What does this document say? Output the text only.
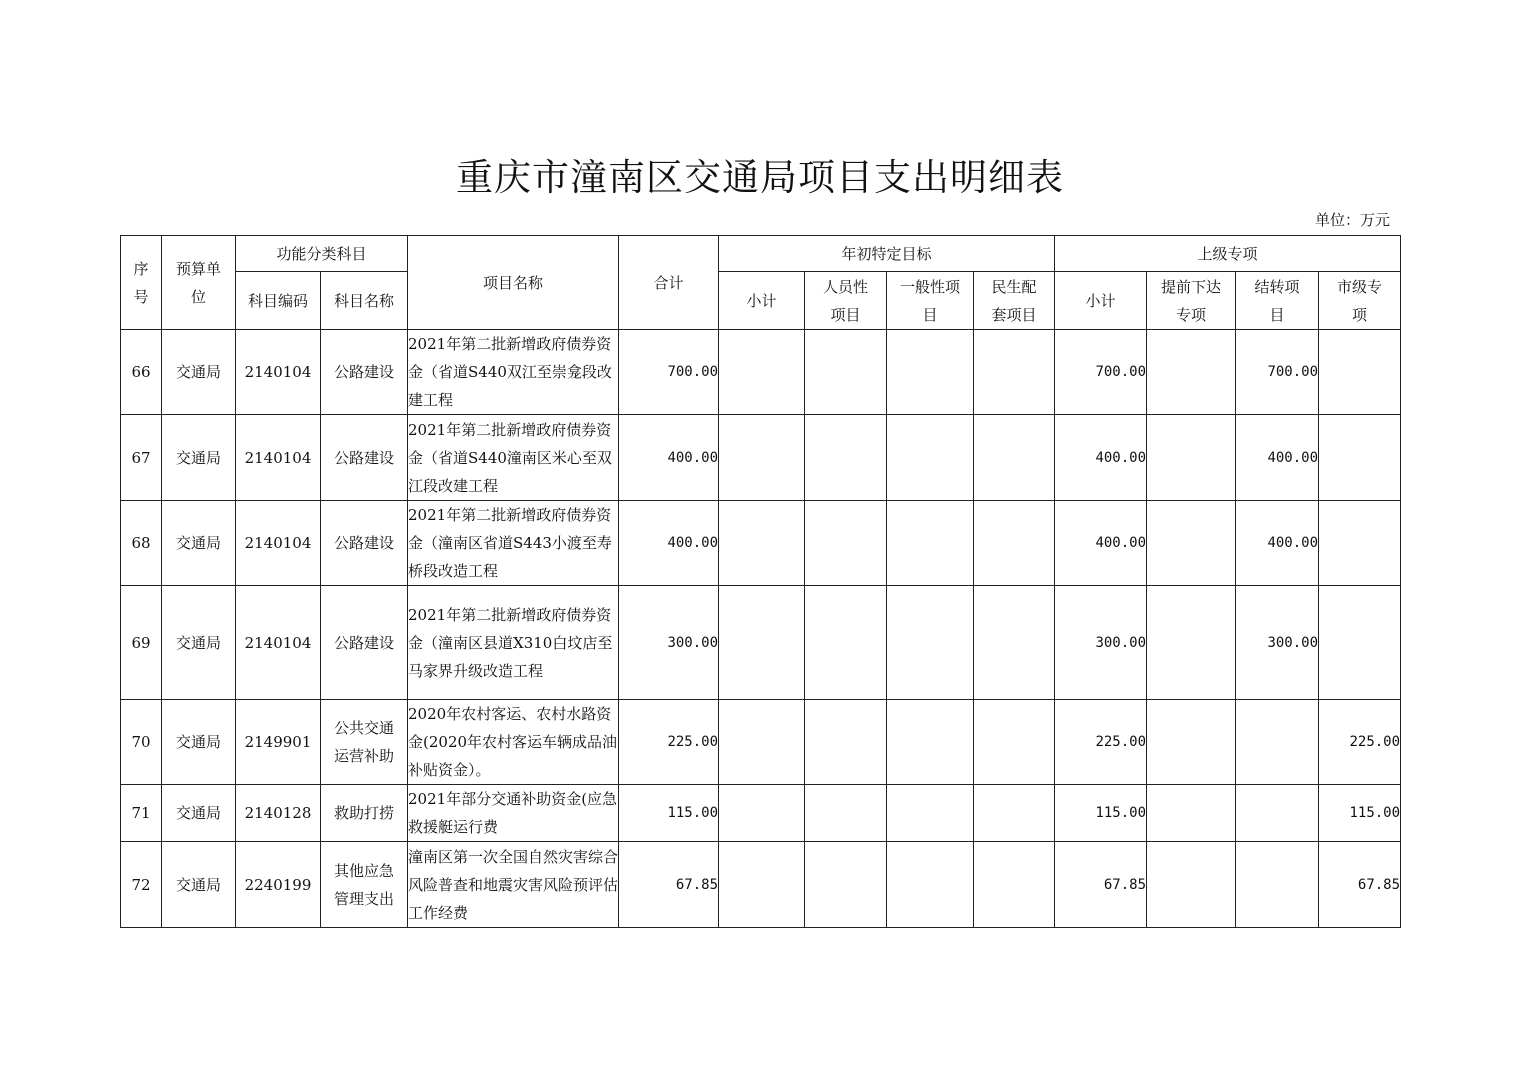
重庆市潼南区交通局项目支出明细表
单位：万元
序号	预算单位	功能分类科目		项目名称	合计	年初特定目标				上级专项			
		科目编码	科目名称			小计	人员性项目	一般性项目	民生配套项目	小计	提前下达专项	结转项目	市级专项
66	交通局	2140104	公路建设	2021年第二批新增政府债券资金（省道S440双江至崇龛段改建工程	700.00					700.00		700.00	
67	交通局	2140104	公路建设	2021年第二批新增政府债券资金（省道S440潼南区米心至双江段改建工程	400.00					400.00		400.00	
68	交通局	2140104	公路建设	2021年第二批新增政府债券资金（潼南区省道S443小渡至寿桥段改造工程	400.00					400.00		400.00	
69	交通局	2140104	公路建设	2021年第二批新增政府债券资金（潼南区县道X310白坟店至马家界升级改造工程	300.00					300.00		300.00	
70	交通局	2149901	公共交通运营补助	2020年农村客运、农村水路资金(2020年农村客运车辆成品油补贴资金）。	225.00					225.00			225.00
71	交通局	2140128	救助打捞	2021年部分交通补助资金(应急救援艇运行费	115.00					115.00			115.00
72	交通局	2240199	其他应急管理支出	潼南区第一次全国自然灾害综合风险普查和地震灾害风险预评估工作经费	67.85					67.85			67.85
